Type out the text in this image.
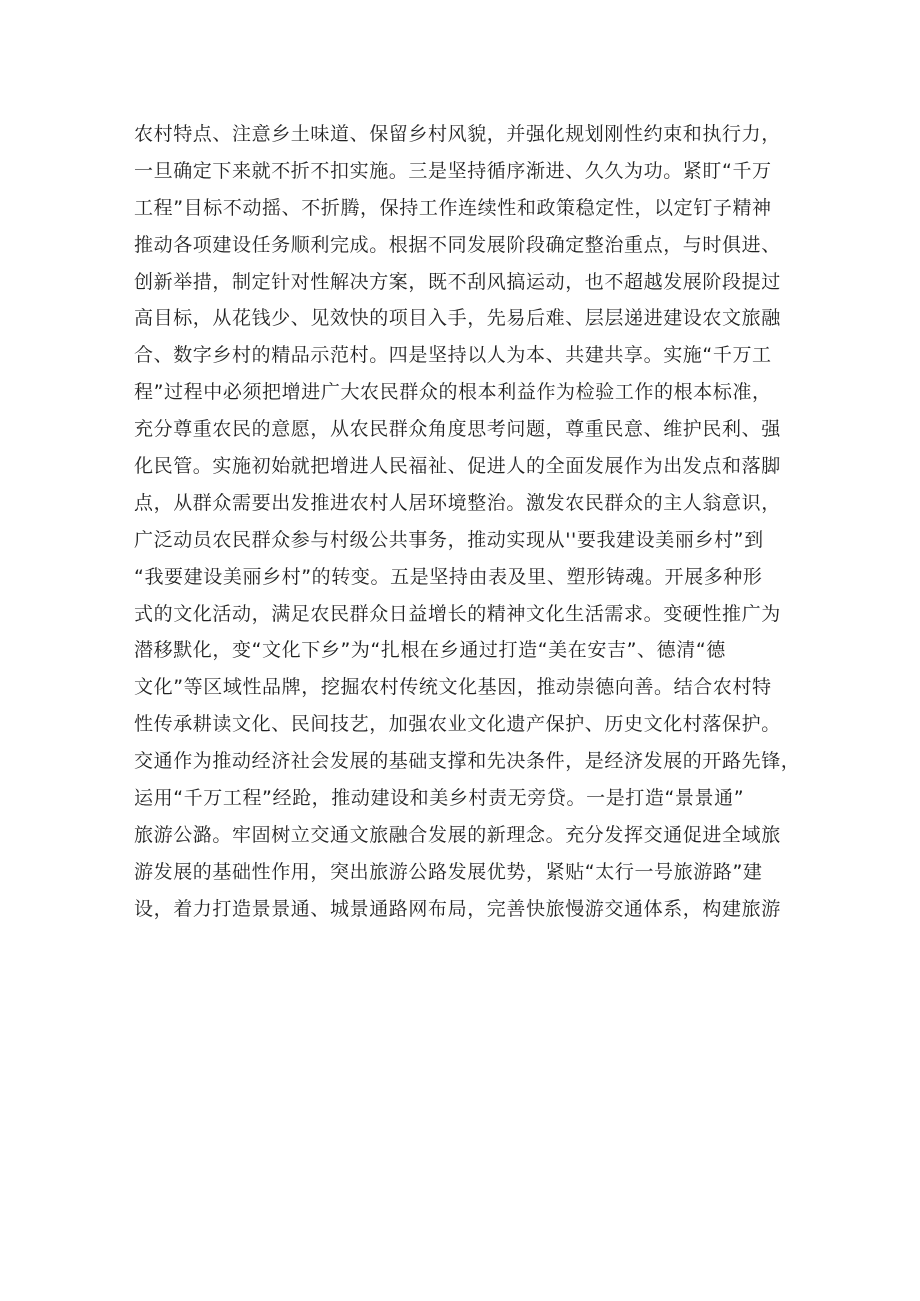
农村特点、注意乡土味道、保留乡村风貌，并强化规划刚性约束和执行力，
一旦确定下来就不折不扣实施。三是坚持循序渐进、久久为功。紧盯“千万
工程”目标不动摇、不折腾，保持工作连续性和政策稳定性，以定钉子精神
推动各项建设任务顺利完成。根据不同发展阶段确定整治重点，与时俱进、
创新举措，制定针对性解决方案，既不刮风搞运动，也不超越发展阶段提过
高目标，从花钱少、见效快的项目入手，先易后难、层层递进建设农文旅融
合、数字乡村的精品示范村。四是坚持以人为本、共建共享。实施“千万工
程”过程中必须把增进广大农民群众的根本利益作为检验工作的根本标准，
充分尊重农民的意愿，从农民群众角度思考问题，尊重民意、维护民利、强
化民管。实施初始就把增进人民福祉、促进人的全面发展作为出发点和落脚
点，从群众需要出发推进农村人居环境整治。激发农民群众的主人翁意识，
广泛动员农民群众参与村级公共事务，推动实现从''要我建设美丽乡村”到
“我要建设美丽乡村”的转变。五是坚持由表及里、塑形铸魂。开展多种形
式的文化活动，满足农民群众日益增长的精神文化生活需求。变硬性推广为
潜移默化，变“文化下乡”为“扎根在乡通过打造“美在安吉”、德清“德
文化”等区域性品牌，挖掘农村传统文化基因，推动崇德向善。结合农村特
性传承耕读文化、民间技艺，加强农业文化遗产保护、历史文化村落保护。
交通作为推动经济社会发展的基础支撑和先决条件，是经济发展的开路先锋，
运用“千万工程”经跄，推动建设和美乡村责无旁贷。一是打造“景景通”
旅游公潞。牢固树立交通文旅融合发展的新理念。充分发挥交通促进全域旅
游发展的基础性作用，突出旅游公路发展优势，紧贴“太行一号旅游路”建
设，着力打造景景通、城景通路网布局，完善快旅慢游交通体系，构建旅游
